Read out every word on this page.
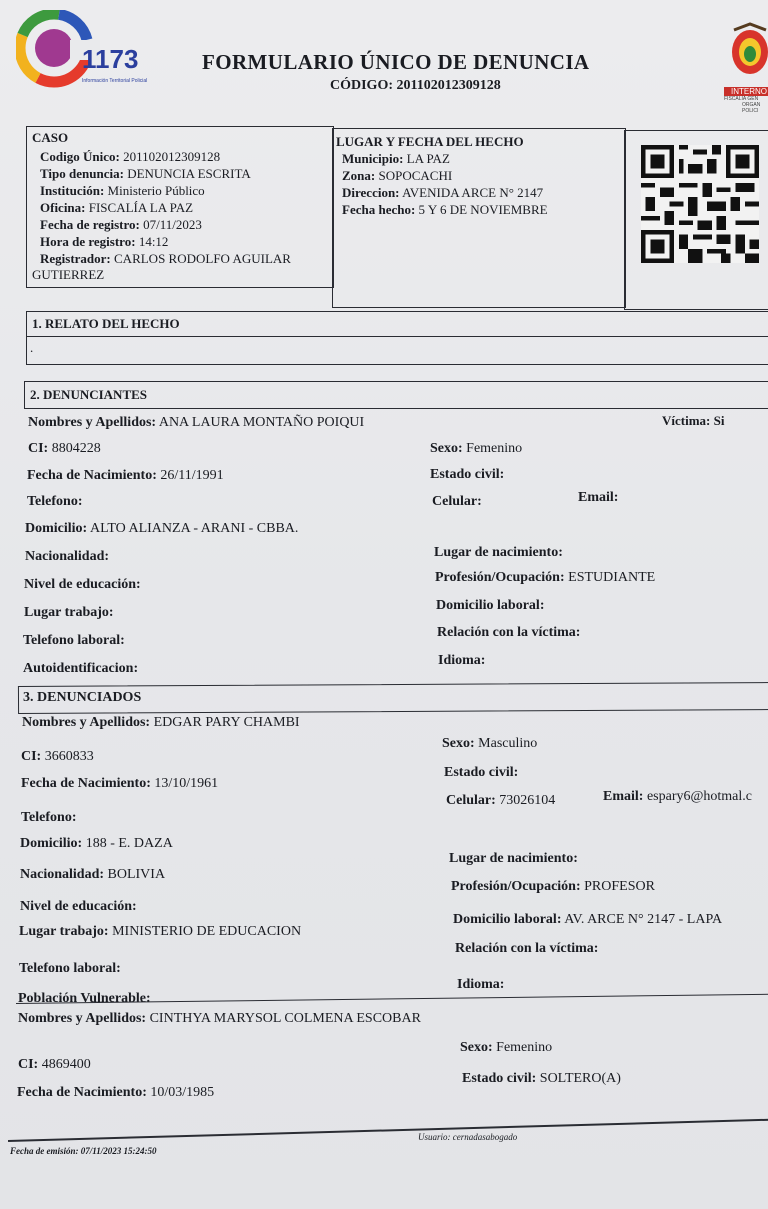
1173
Información Territorial Policial
INTERNO
FISCALÍA GEN
ORGAN
POLICI
FORMULARIO ÚNICO DE DENUNCIA
CÓDIGO: 201102012309128
CASO
Codigo Único: 201102012309128
Tipo denuncia: DENUNCIA ESCRITA
Institución: Ministerio Público
Oficina: FISCALÍA LA PAZ
Fecha de registro: 07/11/2023
Hora de registro: 14:12
Registrador: CARLOS RODOLFO AGUILAR
GUTIERREZ
LUGAR Y FECHA DEL HECHO
Municipio: LA PAZ
Zona: SOPOCACHI
Direccion: AVENIDA ARCE N° 2147
Fecha hecho: 5 Y 6 DE NOVIEMBRE
1. RELATO DEL HECHO
.
2. DENUNCIANTES
Víctima: Si
Nombres y Apellidos: ANA LAURA MONTAÑO POIQUI
CI: 8804228	Sexo: Femenino
Fecha de Nacimiento: 26/11/1991	Estado civil:
Telefono:	Celular:	Email:
Domicilio: ALTO ALIANZA - ARANI - CBBA.
Nacionalidad:	Lugar de nacimiento:
Nivel de educación:	Profesión/Ocupación: ESTUDIANTE
Lugar trabajo:	Domicilio laboral:
Telefono laboral:
Relación con la víctima:
Autoidentificacion:
Idioma:
3. DENUNCIADOS
Nombres y Apellidos: EDGAR PARY CHAMBI
CI: 3660833
Sexo: Masculino
Fecha de Nacimiento: 13/10/1961
Estado civil:
Telefono:
Celular: 73026104	Email: espary6@hotmal.c
Domicilio: 188 - E. DAZA
Lugar de nacimiento:
Nacionalidad: BOLIVIA
Profesión/Ocupación: PROFESOR
Nivel de educación:
Domicilio laboral: AV. ARCE N° 2147 - LAPA
Lugar trabajo: MINISTERIO DE EDUCACION
Relación con la víctima:
Telefono laboral:
Población Vulnerable:
Idioma:
Nombres y Apellidos: CINTHYA MARYSOL COLMENA ESCOBAR
CI: 4869400
Sexo: Femenino
Fecha de Nacimiento: 10/03/1985
Estado civil: SOLTERO(A)
Fecha de emisión: 07/11/2023 15:24:50
Usuario: cernadasabogado
